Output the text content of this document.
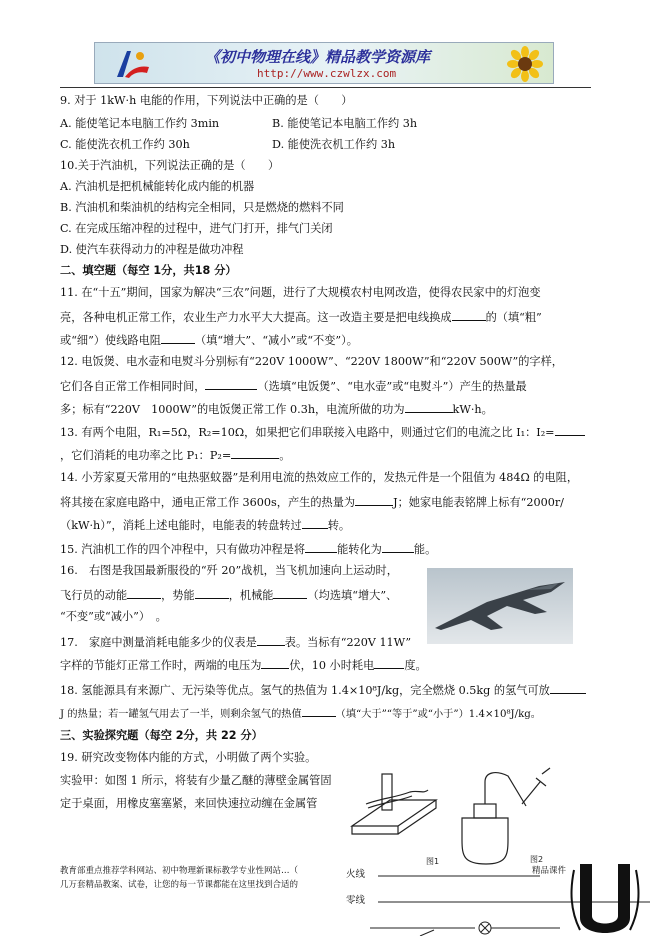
《初中物理在线》精品教学资源库
http://www.czwlzx.com
9. 对于 1kW·h 电能的作用，下列说法中正确的是（　　）
A. 能使笔记本电脑工作约 3min	B. 能使笔记本电脑工作约 3h
C. 能使洗衣机工作约 30h	D. 能使洗衣机工作约 3h
10.关于汽油机，下列说法正确的是（　　）
A. 汽油机是把机械能转化成内能的机器
B. 汽油机和柴油机的结构完全相同，只是燃烧的燃料不同
C. 在完成压缩冲程的过程中，进气门打开，排气门关闭
D. 使汽车获得动力的冲程是做功冲程
二、填空题（每空 1分，共18 分）
11. 在“十五”期间，国家为解决“三农”问题，进行了大规模农村电网改造，使得农民家中的灯泡变
亮，各种电机正常工作，农业生产力水平大大提高。这一改造主要是把电线换成	的（填“粗”
或“细”）使线路电阻	（填“增大”、“减小”或“不变”）。
12. 电饭煲、电水壶和电熨斗分别标有“220V 1000W”、“220V 1800W”和“220V 500W”的字样，
它们各自正常工作相同时间，	（选填“电饭煲”、“电水壶”或“电熨斗”）产生的热量最
多；标有“220V　1000W”的电饭煲正常工作 0.3h，电流所做的功为	kW·h。
13. 有两个电阻，R₁=5Ω，R₂=10Ω，如果把它们串联接入电路中，则通过它们的电流之比 I₁：I₂=
，它们消耗的电功率之比 P₁：P₂=	。
14. 小芳家夏天常用的“电热驱蚊器”是利用电流的热效应工作的，发热元件是一个阻值为 484Ω 的电阻，
将其接在家庭电路中，通电正常工作 3600s，产生的热量为	J；她家电能表铭牌上标有“2000r/
（kW·h）”，消耗上述电能时，电能表的转盘转过 转。
15. 汽油机工作的四个冲程中，只有做功冲程是将	能转化为	能。
16.　右图是我国最新服役的“歼 20”战机，当飞机加速向上运动时，
飞行员的动能	，势能	，机械能	（均选填“增大”、
“不变”或“减小”）　。
17.　家庭中测量消耗电能多少的仪表是	表。当标有“220V 11W”
字样的节能灯正常工作时，两端的电压为	伏，10 小时耗电	度。
18. 氢能源具有来源广、无污染等优点。氢气的热值为 1.4×10⁸J/kg，完全燃烧 0.5kg 的氢气可放
J 的热量；若一罐氢气用去了一半，则剩余氢气的热值	（填“大于”“等于”或“小于”）1.4×10⁸J/kg。
三、实验探究题（每空 2分，共 22 分）
19. 研究改变物体内能的方式，小明做了两个实验。
实验甲：如图 1 所示，将装有少量乙醚的薄壁金属管固
定于桌面，用橡皮塞塞紧，来回快速拉动缠在金属管
图1	图2
教育部重点推荐学科网站、初中物理新课标教学专业性网站…（	精品课件
几万套精品教案、试卷，让您的每一节课都能在这里找到合适的
火线
零线
